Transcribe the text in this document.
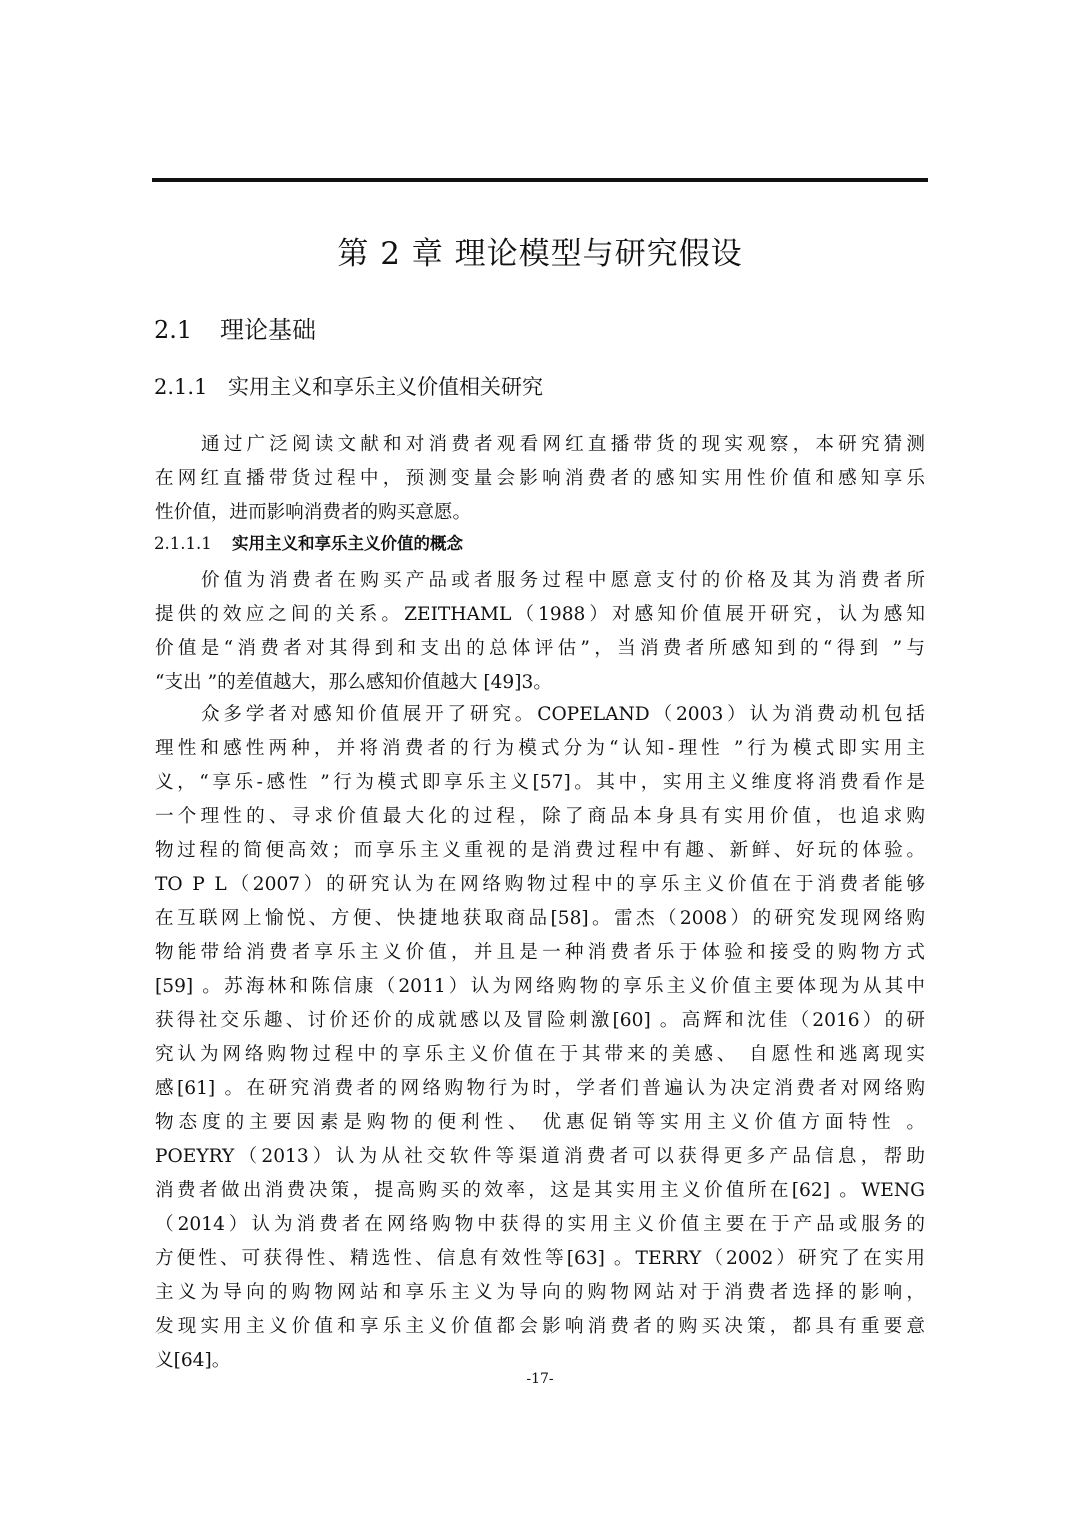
第 2 章 理论模型与研究假设
2.1 理论基础
2.1.1 实用主义和享乐主义价值相关研究
通过广泛阅读文献和对消费者观看网红直播带货的现实观察，本研究猜测
在网红直播带货过程中，预测变量会影响消费者的感知实用性价值和感知享乐
性价值，进而影响消费者的购买意愿。
2.1.1.1 实用主义和享乐主义价值的概念
价值为消费者在购买产品或者服务过程中愿意支付的价格及其为消费者所
提供的效应之间的关系。ZEITHAML（1988）对感知价值展开研究，认为感知
价值是“消费者对其得到和支出的总体评估”，当消费者所感知到的“得到 ”与
“支出 ”的差值越大，那么感知价值越大 [49]3。
众多学者对感知价值展开了研究。COPELAND（2003）认为消费动机包括
理性和感性两种，并将消费者的行为模式分为“认知-理性 ”行为模式即实用主
义，“享乐-感性 ”行为模式即享乐主义[57]。其中，实用主义维度将消费看作是
一个理性的、寻求价值最大化的过程，除了商品本身具有实用价值，也追求购
物过程的简便高效；而享乐主义重视的是消费过程中有趣、新鲜、好玩的体验。
TO P L（2007）的研究认为在网络购物过程中的享乐主义价值在于消费者能够
在互联网上愉悦、方便、快捷地获取商品[58]。雷杰（2008）的研究发现网络购
物能带给消费者享乐主义价值，并且是一种消费者乐于体验和接受的购物方式
[59] 。苏海林和陈信康（2011）认为网络购物的享乐主义价值主要体现为从其中
获得社交乐趣、讨价还价的成就感以及冒险刺激[60] 。高辉和沈佳（2016）的研
究认为网络购物过程中的享乐主义价值在于其带来的美感、 自愿性和逃离现实
感[61] 。在研究消费者的网络购物行为时，学者们普遍认为决定消费者对网络购
物态度的主要因素是购物的便利性、 优惠促销等实用主义价值方面特性 。
POEYRY（2013）认为从社交软件等渠道消费者可以获得更多产品信息，帮助
消费者做出消费决策，提高购买的效率，这是其实用主义价值所在[62] 。WENG
（2014）认为消费者在网络购物中获得的实用主义价值主要在于产品或服务的
方便性、可获得性、精选性、信息有效性等[63] 。TERRY（2002）研究了在实用
主义为导向的购物网站和享乐主义为导向的购物网站对于消费者选择的影响，
发现实用主义价值和享乐主义价值都会影响消费者的购买决策，都具有重要意
义[64]。
-17-
